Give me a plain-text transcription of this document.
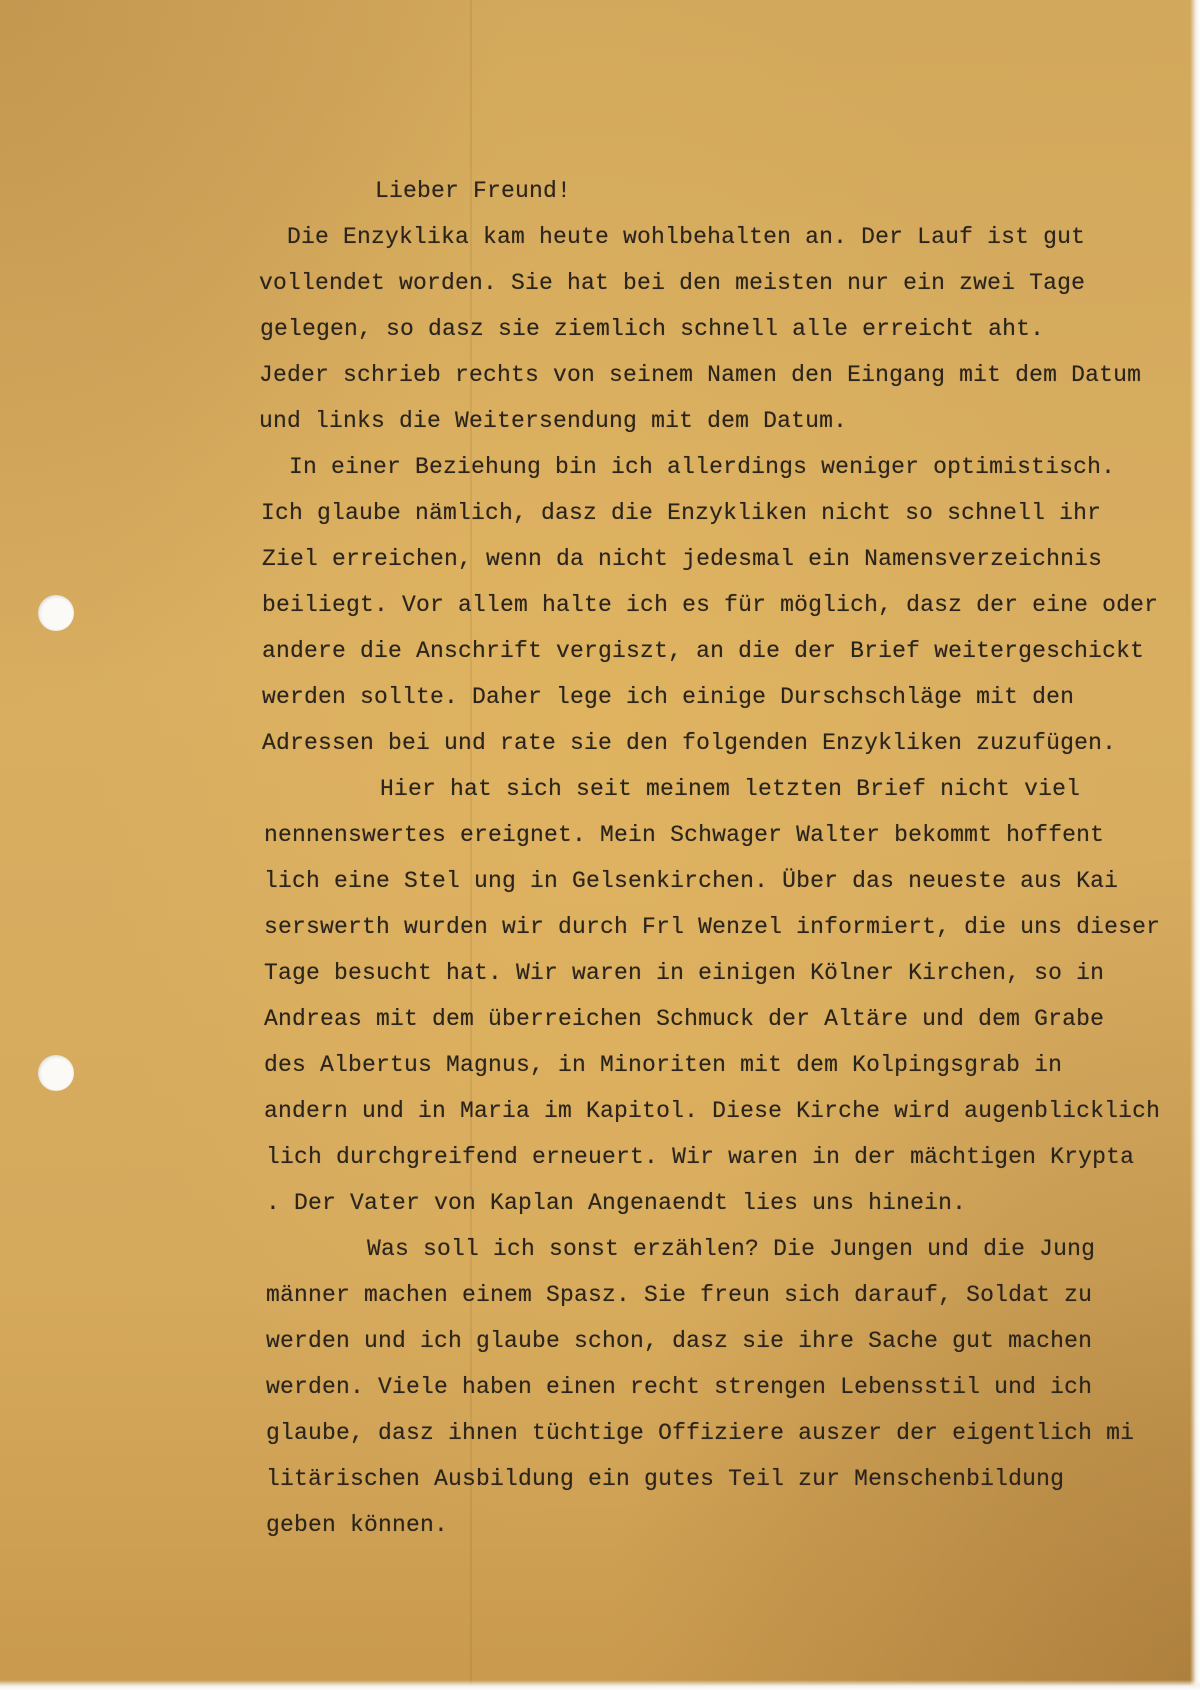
Lieber Freund!

Die Enzyklika kam heute wohlbehalten an. Der Lauf ist gut

vollendet worden. Sie hat bei den meisten nur ein zwei Tage

gelegen, so dasz sie ziemlich schnell alle erreicht aht.

Jeder schrieb rechts von seinem Namen den Eingang mit dem Datum

und links die Weitersendung mit dem Datum.

In einer Beziehung bin ich allerdings weniger optimistisch.

Ich glaube nämlich, dasz die Enzykliken nicht so schnell ihr

Ziel erreichen, wenn da nicht jedesmal ein Namensverzeichnis

beiliegt. Vor allem halte ich es für möglich, dasz der eine oder

andere die Anschrift vergiszt, an die der Brief weitergeschickt

werden sollte. Daher lege ich einige Durschschläge mit den

Adressen bei und rate sie den folgenden Enzykliken zuzufügen.

Hier hat sich seit meinem letzten Brief nicht viel

nennenswertes ereignet. Mein Schwager Walter bekommt hoffent

lich eine Stel ung in Gelsenkirchen. Über das neueste aus Kai

serswerth wurden wir durch Frl Wenzel informiert, die uns dieser

Tage besucht hat. Wir waren in einigen Kölner Kirchen, so in

Andreas mit dem überreichen Schmuck der Altäre und dem Grabe

des Albertus Magnus, in Minoriten mit dem Kolpingsgrab in

andern und in Maria im Kapitol. Diese Kirche wird augenblicklich

lich durchgreifend erneuert. Wir waren in der mächtigen Krypta

. Der Vater von Kaplan Angenaendt lies uns hinein.

Was soll ich sonst erzählen? Die Jungen und die Jung

männer machen einem Spasz. Sie freun sich darauf, Soldat zu

werden und ich glaube schon, dasz sie ihre Sache gut machen

werden. Viele haben einen recht strengen Lebensstil und ich

glaube, dasz ihnen tüchtige Offiziere auszer der eigentlich mi

litärischen Ausbildung ein gutes Teil zur Menschenbildung

geben können.
